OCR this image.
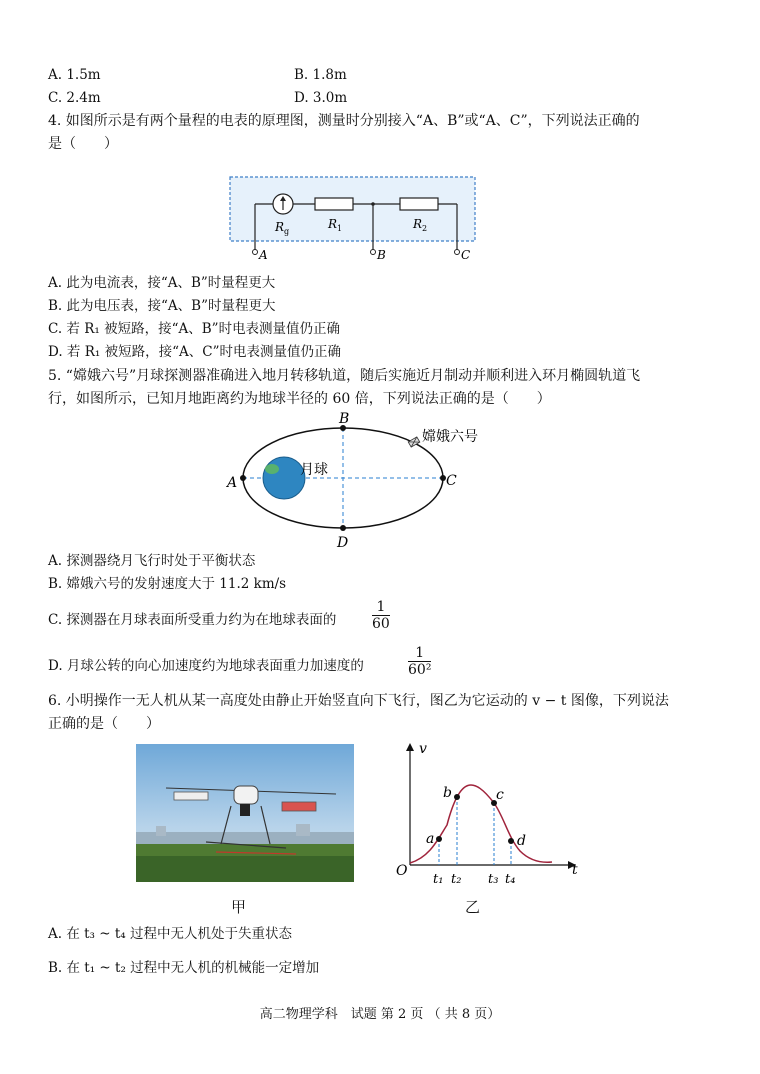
A. 1.5m	B. 1.8m
C. 2.4m	D. 3.0m
4. 如图所示是有两个量程的电表的原理图，测量时分别接入“A、B”或“A、C”，下列说法正确的
是（　　）
R g
R 1	R 2
A	B	C
A. 此为电流表，接“A、B”时量程更大
B. 此为电压表，接“A、B”时量程更大
C. 若 R₁ 被短路，接“A、B”时电表测量值仍正确
D. 若 R₁ 被短路，接“A、C”时电表测量值仍正确
5. “嫦娥六号”月球探测器准确进入地月转移轨道，随后实施近月制动并顺利进入环月椭圆轨道飞
行，如图所示，已知月地距离约为地球半径的 60 倍，下列说法正确的是（　　）
嫦娥六号
月球
A	C
B
D
A. 探测器绕月飞行时处于平衡状态
B. 嫦娥六号的发射速度大于 11.2 km/s
C. 探测器在月球表面所受重力约为在地球表面的
1
60
D. 月球公转的向心加速度约为地球表面重力加速度的
1
60²
6. 小明操作一无人机从某一高度处由静止开始竖直向下飞行，图乙为它运动的 v − t 图像，下列说法
正确的是（　　）
甲
v
t
O
a
b	c
d
t₁ t₂ t₃ t₄
乙
A. 在 t₃ ~ t₄ 过程中无人机处于失重状态
B. 在 t₁ ~ t₂ 过程中无人机的机械能一定增加
高二物理学科　试题 第 2 页 （ 共 8 页）
